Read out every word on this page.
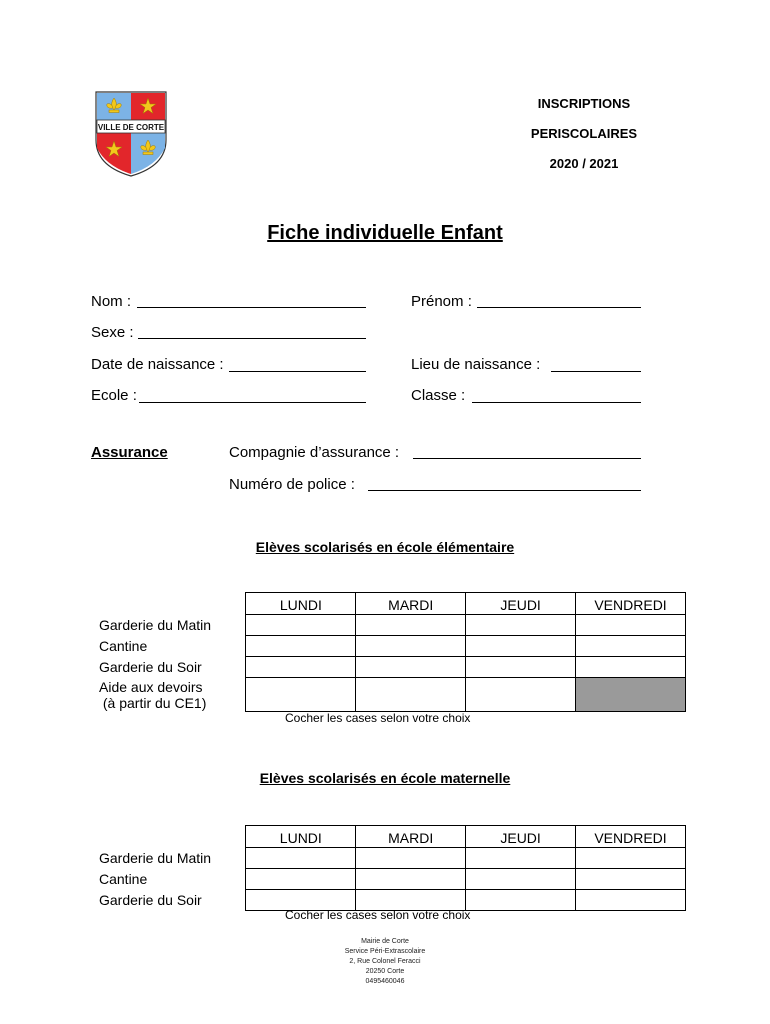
VILLE DE CORTE
INSCRIPTIONS
PERISCOLAIRES
2020 / 2021
Fiche individuelle Enfant
Nom :	Prénom :
Sexe :
Date de naissance :	Lieu de naissance :
Ecole :	Classe :
Assurance	Compagnie d’assurance :
Numéro de police :
Elèves scolarisés en école élémentaire
	LUNDI	MARDI	JEUDI	VENDREDI
Garderie du Matin				
Cantine				
Garderie du Soir				

Aide aux devoirs
(à partir du CE1)				

Cocher les cases selon votre choix
Elèves scolarisés en école maternelle
	LUNDI	MARDI	JEUDI	VENDREDI
Garderie du Matin				
Cantine				
Garderie du Soir				
Cocher les cases selon votre choix
Mairie de Corte
Service Péri-Extrascolaire
2, Rue Colonel Feracci
20250 Corte
0495460046
